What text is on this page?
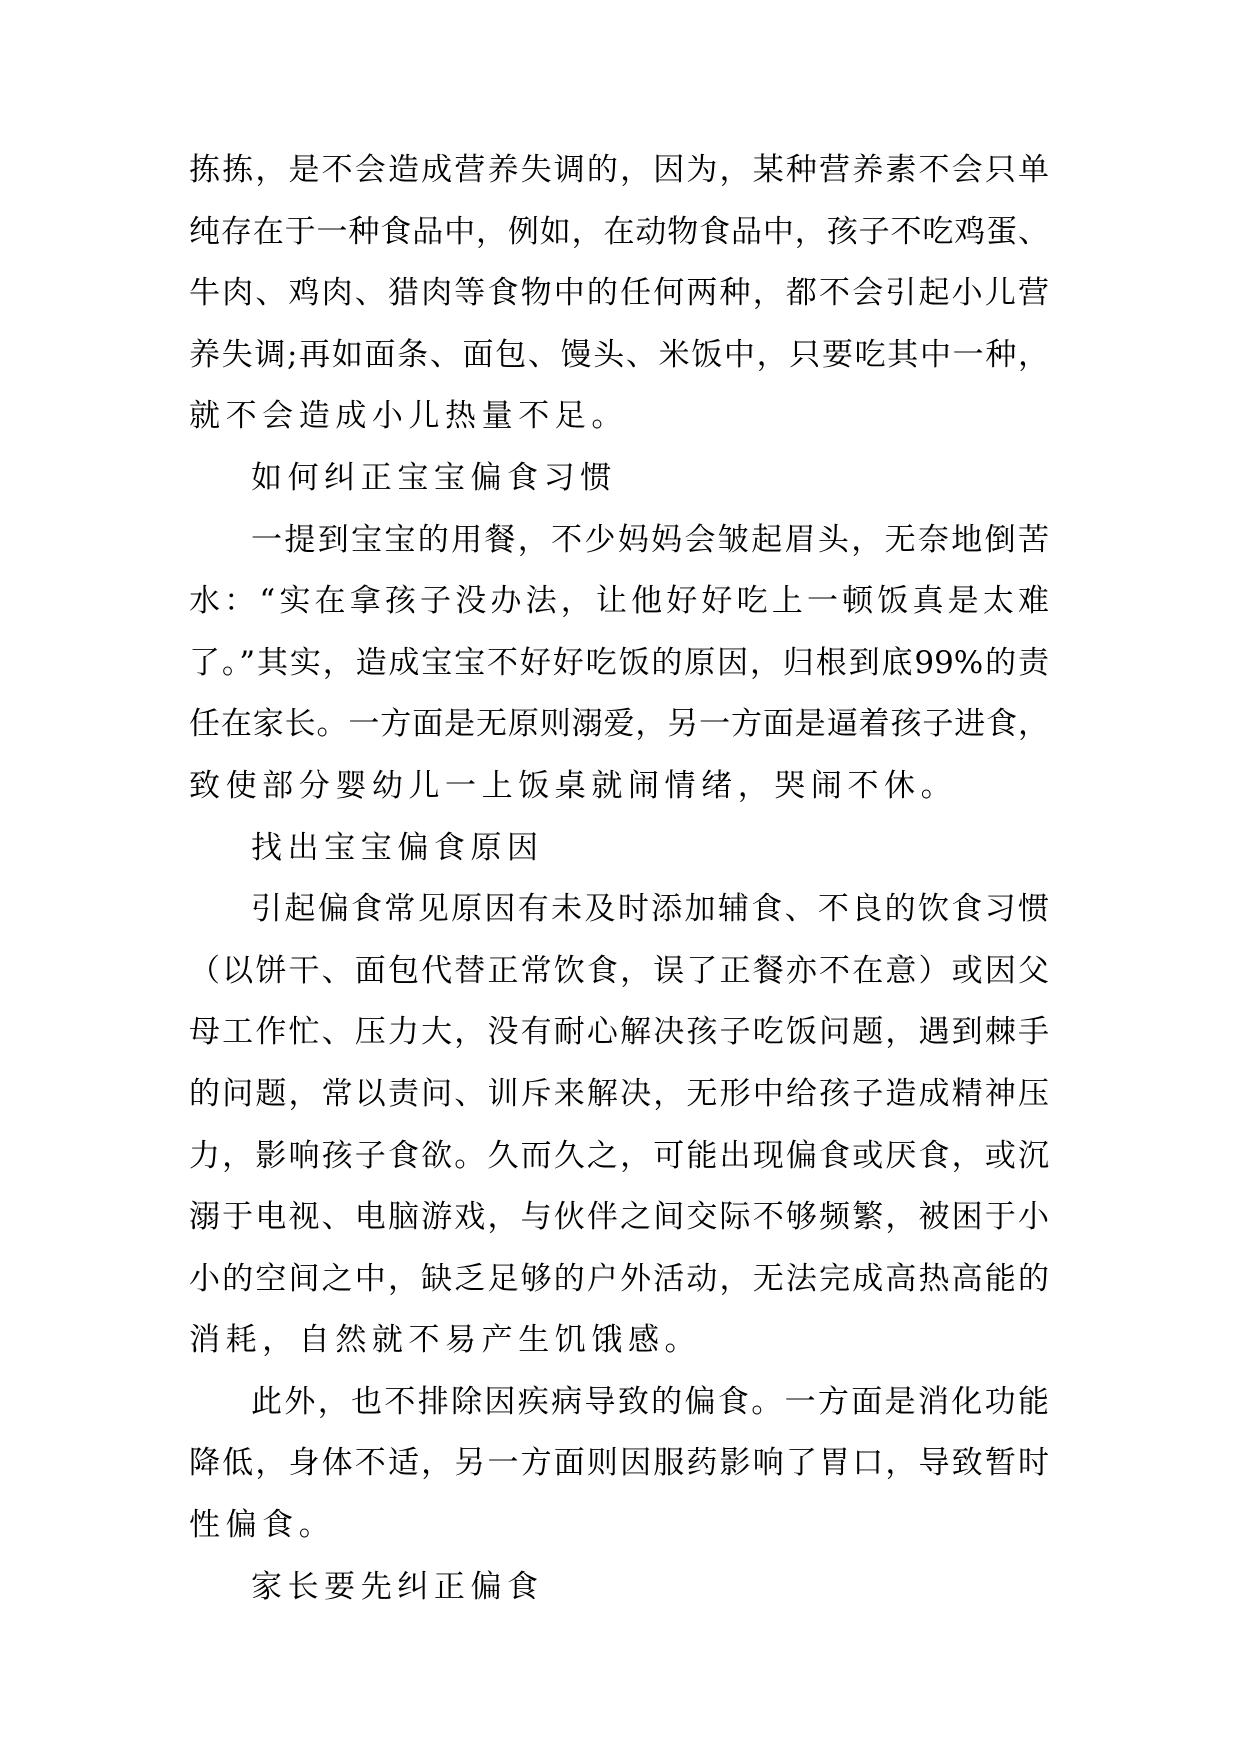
拣拣，是不会造成营养失调的，因为，某种营养素不会只单
纯存在于一种食品中，例如，在动物食品中，孩子不吃鸡蛋、
牛肉、鸡肉、猎肉等食物中的任何两种，都不会引起小儿营
养失调;再如面条、面包、馒头、米饭中，只要吃其中一种，
就不会造成小儿热量不足。
如何纠正宝宝偏食习惯
一提到宝宝的用餐，不少妈妈会皱起眉头，无奈地倒苦
水：“实在拿孩子没办法，让他好好吃上一顿饭真是太难
了。”其实，造成宝宝不好好吃饭的原因，归根到底99%的责
任在家长。一方面是无原则溺爱，另一方面是逼着孩子进食，
致使部分婴幼儿一上饭桌就闹情绪，哭闹不休。
找出宝宝偏食原因
引起偏食常见原因有未及时添加辅食、不良的饮食习惯
（以饼干、面包代替正常饮食，误了正餐亦不在意）或因父
母工作忙、压力大，没有耐心解决孩子吃饭问题，遇到棘手
的问题，常以责问、训斥来解决，无形中给孩子造成精神压
力，影响孩子食欲。久而久之，可能出现偏食或厌食，或沉
溺于电视、电脑游戏，与伙伴之间交际不够频繁，被困于小
小的空间之中，缺乏足够的户外活动，无法完成高热高能的
消耗，自然就不易产生饥饿感。
此外，也不排除因疾病导致的偏食。一方面是消化功能
降低，身体不适，另一方面则因服药影响了胃口，导致暂时
性偏食。
家长要先纠正偏食
